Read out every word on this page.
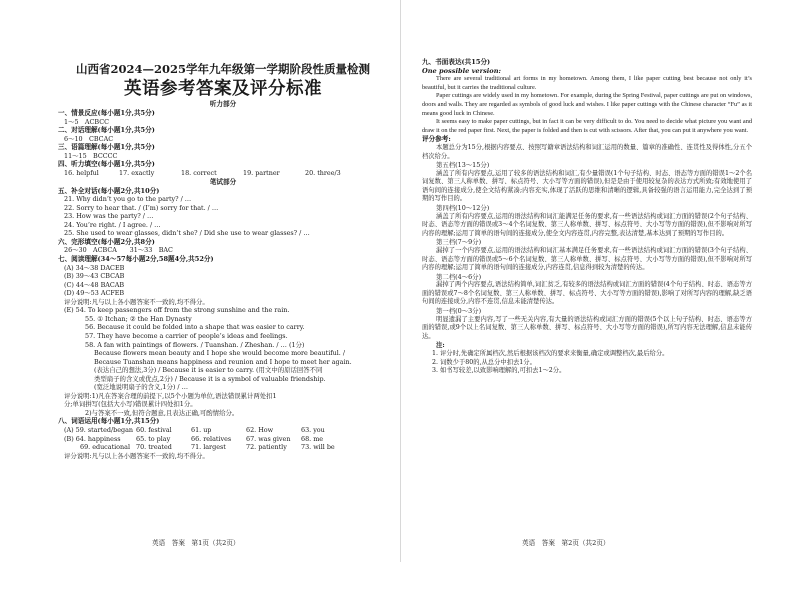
山西省2024—2025学年九年级第一学期阶段性质量检测
英语参考答案及评分标准
听力部分
一、情景反应(每小题1分,共5分)
1～5　ACBCC
二、对话理解(每小题1分,共5分)
6～10　CBCAC
三、语篇理解(每小题1分,共5分)
11～15　BCCCC
四、听力填空(每小题1分,共5分)
16. helpful	17. exactly	18. correct	19. partner	20. three/3
笔试部分
五、补全对话(每小题2分,共10分)
21. Why didn’t you go to the party? / …
22. Sorry to hear that. / (I’m) sorry for that. / …
23. How was the party? / …
24. You’re right. / I agree. / …
25. She used to wear glasses, didn’t she? / Did she use to wear glasses? / …
六、完形填空(每小题2分,共8分)
26～30　ACBCA　　31～33　BAC
七、阅读理解(34～57每小题2分,58题4分,共52分)
(A) 34～38 DACEB
(B) 39～43 CBCAB
(C) 44～48 BACAB
(D) 49～53 ACFEB
评分说明:凡与以上各小题答案不一致的,均不得分。
(E) 54. To keep passengers off from the strong sunshine and the rain.
55. ① Itchan; ② the Han Dynasty
56. Because it could be folded into a shape that was easier to carry.
57. They have become a carrier of people’s ideas and feelings.
58. A fan with paintings of flowers. / Tuanshan. / Zheshan. / … (1分)
Because flowers mean beauty and I hope she would become more beautiful. /
Because Tuanshan means happiness and reunion and I hope to meet her again.
(表达自己的想法,3分) / Because it is easier to carry. (用文中的原话回答不同
类型扇子的含义或优点,2分) / Because it is a symbol of valuable friendship.
(宽泛地说明扇子的含义,1分) / …
评分说明:1)凡在答案合理的前提下,以5个小题为单位,语法错误累计两处扣1
分;单词拼写(包括大小写)错误累计四处扣1分。
2)与答案不一致,但符合题意,且表达正确,可酌情给分。
八、词语运用(每小题1分,共15分)
(A) 59. started/began 60. festival	61. up	62. How	63. you
(B) 64. happiness	65. to play	66. relatives	67. was given	68. me
69. educational 70. treated	71. largest	72. patiently	73. will be
评分说明:凡与以上各小题答案不一致的,均不得分。
英语　答案　第1页（共2页）
九、书面表达(共15分)
One possible version:
There are several traditional art forms in my hometown. Among them, I like paper cutting best because not only it’s beautiful, but it carries the traditional culture.
Paper cuttings are widely used in my hometown. For example, during the Spring Festival, paper cuttings are put on windows, doors and walls. They are regarded as symbols of good luck and wishes. I like paper cuttings with the Chinese character “Fu” as it means good luck in Chinese.
It seems easy to make paper cuttings, but in fact it can be very difficult to do. You need to decide what picture you want and draw it on the red paper first. Next, the paper is folded and then is cut with scissors. After that, you can put it anywhere you want.
评分参考:
本题总分为15分,根据内容要点、按照写籍章语法结构和词汇运用的数量、篇章的准确性、连贯性及得体性,分五个档次给分。
第五档(13～15分)
涵盖了所有内容要点,运用了较多的语法结构和词汇,有少量错误(1个句子结构、时态、语态等方面的错误1～2个名词复数、第三人称单数、拼写、标点符号、大小写等方面的错误),但是是由于使用较复杂的表达方式所致;有效地使用了语句间的连接成分,使全文结构紧凑;内容充实,体现了活跃的思维和清晰的逻辑,具备较强的语言运用能力,完全达到了预期的写作目的。
第四档(10～12分)
涵盖了所有内容要点,运用的语法结构和词汇能满足任务的要求,有一些语法结构或词汇方面的错误(2个句子结构、时态、语态等方面的错误或3～4个名词复数、第三人称单数、拼写、标点符号、大小写等方面的错误),但不影响对所写内容的理解;运用了简单的语句间的连接成分,使全文内容连贯,内容完整,表达清楚,基本达到了预期的写作目的。
第三档(7～9分)
漏掉了一个内容要点,运用的语法结构和词汇基本满足任务要求,有一些语法结构或词汇方面的错误(3个句子结构、时态、语态等方面的错误或5～6个名词复数、第三人称单数、拼写、标点符号、大小写等方面的错误),但不影响对所写内容的理解;运用了简单的语句间的连接成分,内容连贯,信息得到较为清楚的传达。
第二档(4～6分)
漏掉了两个内容要点,语法结构简单,词汇贫乏,有较多的语法结构或词汇方面的错误(4个句子结构、时态、语态等方面的错误或7～8个名词复数、第三人称单数、拼写、标点符号、大小写等方面的错误),影响了对所写内容的理解,缺乏语句间的连接成分,内容不连贯,信息未能清楚传达。
第一档(0～3分)
明显遗漏了主要内容,写了一些无关内容,有大量的语法结构或词汇方面的错误(5个以上句子结构、时态、语态等方面的错误,或9个以上名词复数、第三人称单数、拼写、标点符号、大小写等方面的错误),所写内容无法理解,信息未能传达。
注:
1. 评分时,先确定所属档次,然后根据该档次的要求来衡量,确定或调整档次,最后给分。
2. 词数少于80的,从总分中扣去1分。
3. 如书写较差,以致影响理解的,可扣去1～2分。
英语　答案　第2页（共2页）
